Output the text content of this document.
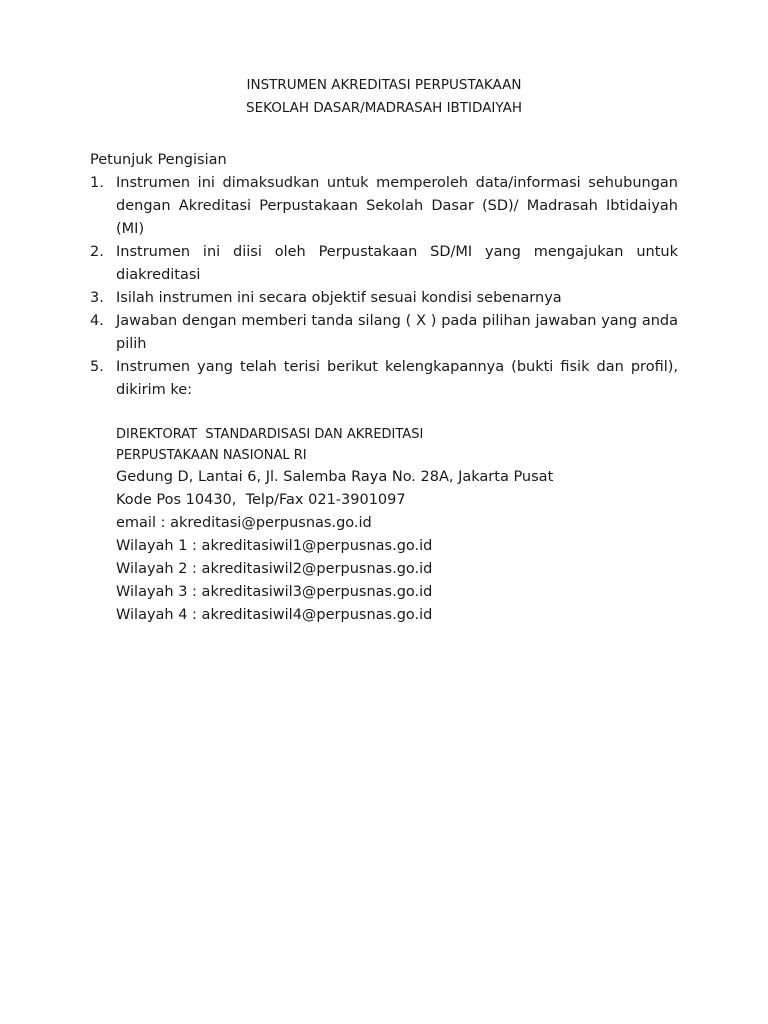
INSTRUMEN AKREDITASI PERPUSTAKAAN
SEKOLAH DASAR/MADRASAH IBTIDAIYAH
Petunjuk Pengisian
1. Instrumen ini dimaksudkan untuk memperoleh data/informasi sehubungan dengan Akreditasi Perpustakaan Sekolah Dasar (SD)/ Madrasah Ibtidaiyah (MI)
2. Instrumen ini diisi oleh Perpustakaan SD/MI yang mengajukan untuk diakreditasi
3. Isilah instrumen ini secara objektif sesuai kondisi sebenarnya
4. Jawaban dengan memberi tanda silang ( X ) pada pilihan jawaban yang anda pilih
5. Instrumen yang telah terisi berikut kelengkapannya (bukti fisik dan profil), dikirim ke:
DIREKTORAT  STANDARDISASI DAN AKREDITASI
PERPUSTAKAAN NASIONAL RI
Gedung D, Lantai 6, Jl. Salemba Raya No. 28A, Jakarta Pusat
Kode Pos 10430,  Telp/Fax 021-3901097
email : akreditasi@perpusnas.go.id
Wilayah 1 : akreditasiwil1@perpusnas.go.id
Wilayah 2 : akreditasiwil2@perpusnas.go.id
Wilayah 3 : akreditasiwil3@perpusnas.go.id
Wilayah 4 : akreditasiwil4@perpusnas.go.id
